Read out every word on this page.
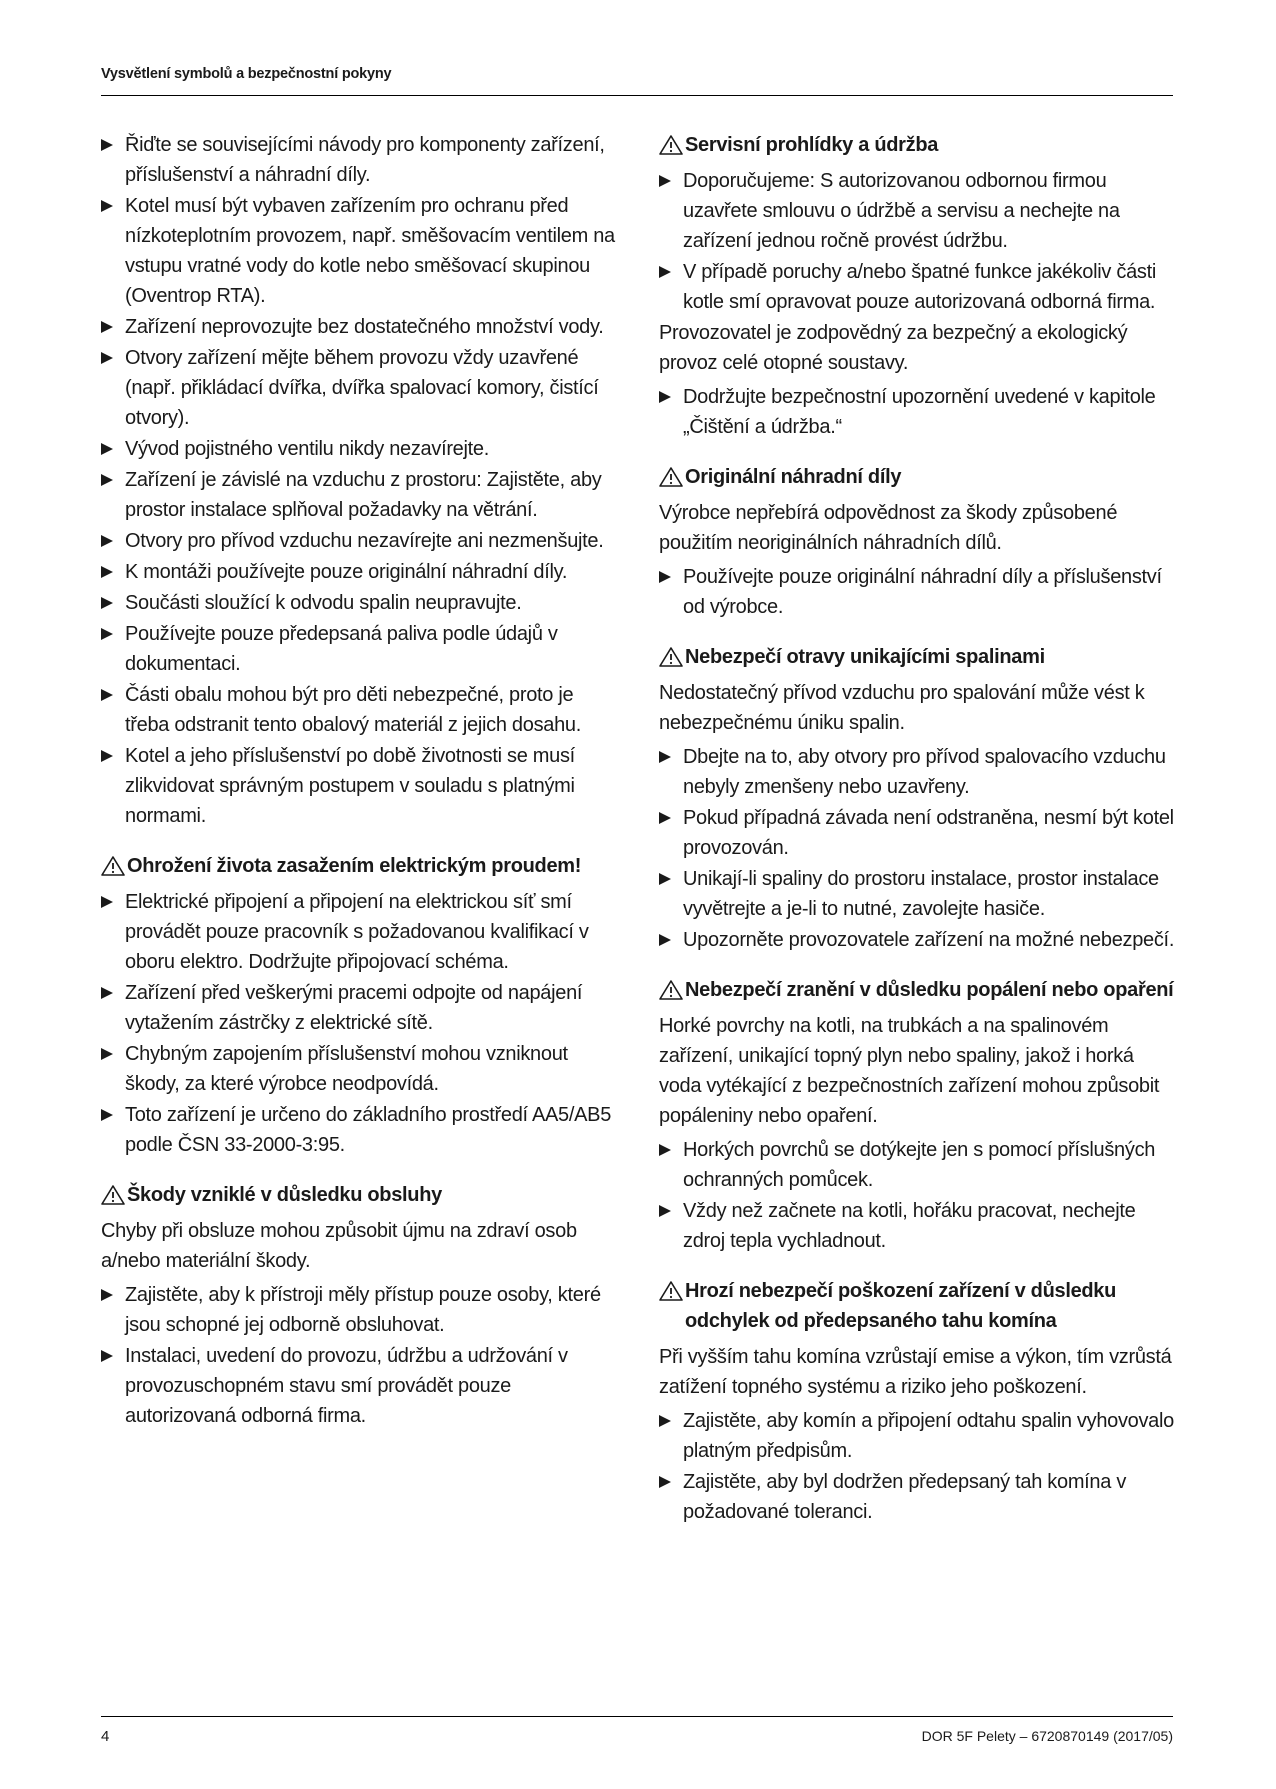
Vysvětlení symbolů a bezpečnostní pokyny
Řiďte se souvisejícími návody pro komponenty zařízení, příslušenství a náhradní díly.
Kotel musí být vybaven zařízením pro ochranu před nízkoteplotním provozem, např. směšovacím ventilem na vstupu vratné vody do kotle nebo směšovací skupinou (Oventrop RTA).
Zařízení neprovozujte bez dostatečného množství vody.
Otvory zařízení mějte během provozu vždy uzavřené (např. přikládací dvířka, dvířka spalovací komory, čistící otvory).
Vývod pojistného ventilu nikdy nezavírejte.
Zařízení je závislé na vzduchu z prostoru: Zajistěte, aby prostor instalace splňoval požadavky na větrání.
Otvory pro přívod vzduchu nezavírejte ani nezmenšujte.
K montáži používejte pouze originální náhradní díly.
Součásti sloužící k odvodu spalin neupravujte.
Používejte pouze předepsaná paliva podle údajů v dokumentaci.
Části obalu mohou být pro děti nebezpečné, proto je třeba odstranit tento obalový materiál z jejich dosahu.
Kotel a jeho příslušenství po době životnosti se musí zlikvidovat správným postupem v souladu s platnými normami.
Ohrožení života zasažením elektrickým proudem!
Elektrické připojení a připojení na elektrickou síť smí provádět pouze pracovník s požadovanou kvalifikací v oboru elektro. Dodržujte připojovací schéma.
Zařízení před veškerými pracemi odpojte od napájení vytažením zástrčky z elektrické sítě.
Chybným zapojením příslušenství mohou vzniknout škody, za které výrobce neodpovídá.
Toto zařízení je určeno do základního prostředí AA5/AB5 podle ČSN 33-2000-3:95.
Škody vzniklé v důsledku obsluhy
Chyby při obsluze mohou způsobit újmu na zdraví osob a/nebo materiální škody.
Zajistěte, aby k přístroji měly přístup pouze osoby, které jsou schopné jej odborně obsluhovat.
Instalaci, uvedení do provozu, údržbu a udržování v provozuschopném stavu smí provádět pouze autorizovaná odborná firma.
Servisní prohlídky a údržba
Doporučujeme: S autorizovanou odbornou firmou uzavřete smlouvu o údržbě a servisu a nechejte na zařízení jednou ročně provést údržbu.
V případě poruchy a/nebo špatné funkce jakékoliv části kotle smí opravovat pouze autorizovaná odborná firma.
Provozovatel je zodpovědný za bezpečný a ekologický provoz celé otopné soustavy.
Dodržujte bezpečnostní upozornění uvedené v kapitole „Čištění a údržba.“
Originální náhradní díly
Výrobce nepřebírá odpovědnost za škody způsobené použitím neoriginálních náhradních dílů.
Používejte pouze originální náhradní díly a příslušenství od výrobce.
Nebezpečí otravy unikajícími spalinami
Nedostatečný přívod vzduchu pro spalování může vést k nebezpečnému úniku spalin.
Dbejte na to, aby otvory pro přívod spalovacího vzduchu nebyly zmenšeny nebo uzavřeny.
Pokud případná závada není odstraněna, nesmí být kotel provozován.
Unikají-li spaliny do prostoru instalace, prostor instalace vyvětrejte a je-li to nutné, zavolejte hasiče.
Upozorněte provozovatele zařízení na možné nebezpečí.
Nebezpečí zranění v důsledku popálení nebo opaření
Horké povrchy na kotli, na trubkách a na spalinovém zařízení, unikající topný plyn nebo spaliny, jakož i horká voda vytékající z bezpečnostních zařízení mohou způsobit popáleniny nebo opaření.
Horkých povrchů se dotýkejte jen s pomocí příslušných ochranných pomůcek.
Vždy než začnete na kotli, hořáku pracovat, nechejte zdroj tepla vychladnout.
Hrozí nebezpečí poškození zařízení v důsledku odchylek od předepsaného tahu komína
Při vyšším tahu komína vzrůstají emise a výkon, tím vzrůstá zatížení topného systému a riziko jeho poškození.
Zajistěte, aby komín a připojení odtahu spalin vyhovovalo platným předpisům.
Zajistěte, aby byl dodržen předepsaný tah komína v požadované toleranci.
4	DOR 5F Pelety – 6720870149 (2017/05)
